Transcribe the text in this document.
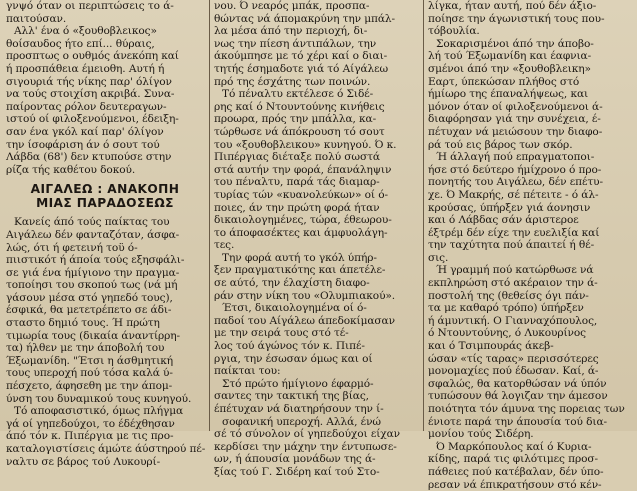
γνψό όταν οι περιπτώσεις το ά-
παιτούσαν.
Αλλ' ένα ό «ξουθοβλεικος»
θοίσαυδος ήτο επί... θύραις,
προσπτως ο ουθμός άνεκόπη καί
ή προσπάθεια έμειοθη. Αυτή ή
σιγουριά τής νίκης παρ' όλίγον
να τούς στοιχίση ακριβά. Συνα-
παίροντας ρόλον δευτεραγων-
ιστού οί φιλοξενούμενοι, έδειξη-
σαν ένα γκόλ καί παρ' όλίγον
την ίσοφάριση άν ό σουτ τού
Λάβδα (68') δεν κτυπούσε στην
ρίζα τής καθέτου δοκού.
ΑΙΓΑΛΕΩ : ΑΝΑΚΟΠΗ
ΜΙΑΣ ΠΑΡΑΔΟΣΕΩΣ
Κανείς άπό τούς παίκτας του
Αιγάλεω δέν φανταζόταν, άσφα-
λώς, ότι ή φετεινή τοϋ ό-
πιιστικότ ή άποία τούς εξησφάλι-
σε γιά ένα ήμίγιονο την πραγμα-
τοποίησι του σκοπού τως (νά μή
γάσουν μέσα στό γηπεδό τους),
έσφικά, θα μετετρέπετο σε άδι-
σταστο δημιό τους. Ή πρώτη
τιμωρία τους (δικαία άναντίρρη-
τα) ήλθεν με την άποβολή του
Έξωμανίδη. "Έτσι η άσθμητική
τους υπεροχή πού τόσα καλά ύ-
πέσχετο, άφησεθη με την άπομ-
ύνση του δυναμικού τους κυνηγού.
Τό αποφασιστικό, όμως πλήγμα
γά οί γηπεδούχοι, το έδέχθησαν
άπό τόν κ. Πιπέργια με τις προ-
καταλογιστίσεις άμώτε άύστηρού πέ-
ναλτυ σε βάρος τού Λυκουρί-
νου. Ό νεαρός μπάκ, προσπα-
θώντας νά άπομακρύνη την μπάλ-
λα μέσα άπό την περιοχή, δι-
νως την πίεση άντιπάλων, την
άκούμπησε με τό χέρι καί ο διαι-
τητής έσημαδοτε γιά τό Αίγάλεω
πρό της έσχάτης των ποινών.
Τό πέναλτυ εκτέλεσε ό Σιδέ-
ρης καί ό Ντουντούνης κινήθεις
προωρα, πρός την μπάλλα, κα-
τώρθωσε νά άπόκρουση τό σουτ
του «ξουθοβλεικου» κυνηγού. Ό κ.
Πιπέργιας διέταξε πολύ σωστά
στά αυτήν την φορά, έπανάληψιν
του πέναλτυ, παρά τάς διαμαρ-
τυρίας τών «κυανολεύκων» οί ό-
ποιες, άν την πρώτη φορά ήταν
δικαιολογημένες, τώρα, έθεωρου-
το άποφασέκτες και άμφυολάγη-
τες.
Την φορά αυτή το γκόλ ύπήρ-
ξεν πραγματικότης και άπετέλε-
σε αύτό, την έλαχίστη διαφο-
ράν στην νίκη του «Ολυμπιακού».
Έτσι, δικαιολογημένα οί ό-
παδοί του Αίγάλεω άπεδοκίμασαν
με την σειρά τους στό τέ-
λος τού άγώνος τόν κ. Πιπέ-
ργια, την έσωσαν όμως και οί
παίκται του:
Στό πρώτο ήμίγιονο έφαρμό-
σαντες την τακτική της βίας,
έπέτυχαν νά διατηρήσουν την ί-
σοφανική υπεροχή. Αλλά, ένώ
σέ τό σύνολον οί γηπεδούχοι είχαν
κερδίσει την μάχην την έντυπωσε-
ων, ή άπουσία μονάδων της ά-
ξίας τού Γ. Σιδέρη καί τού Στο-
λίγκα, ήταν αυτή, πού δέν άξιο-
ποίησε την άγωνιστική τους που-
τόβουλία.
Σοκαρισμένοι άπό την άποβο-
λή τού Έξωμανίδη και έαφνια-
σμένοι άπό την «ξουθοβλεικη»
Εαρτ, ύπεκώσαν πλήθος στό
ήμίωρο της έπαναλήψεως, και
μόνον όταν οί φιλοξενούμενοι ά-
διαφόρησαν γιά την συνέχεια, έ-
πέτυχαν νά μειώσουν την διαφο-
ρά τού εις βάρος των σκόρ.
Ή άλλαγή πού επραγματοποι-
ήσε στό δεύτερο ήμίχρονο ό προ-
πονητής του Αιγάλεω, δέν επέτυ-
χε. Ό Μακρής, σέ πέτειτε - ό άλ-
κρούσας, ύπήρξεν γιά άονησιν
και ό Λάβδας σάν άριστεροε
έξτρέμ δέν είχε την ευελιξία καί
την ταχύτητα πού άπαιτεί ή θέ-
σις.
Ή γραμμή πού κατώρθωσε νά
εκπληρώση στό ακέραιον την ά-
ποστολή της (θεθείσς όγι πάν-
τα με καθαρό τρόπο) ύπήρξεν
ή άμυντική. Ο Γιανναχόπουλος,
ό Ντουντούνης, ό Λυκουρίνος
και ό Τσιμπουράς άκεβ-
ώσαν «τίς ταρας» περισσότερες
μονομαχίες πού έδωσαν. Καί, ά-
σφαλώς, θα κατορθώσαν νά ύπόν
τυπώσουν θά λογιζαν την άμεσον
ποιότητα τόν άμυνα της πορειας των
ένιοτε παρά την άπουσία τού δια-
μονίου τούς Σιδέρη.
Ό Μαρκόπουλος καί ό Κυρια-
κίδης, παρά τις φιλότιμες προσ-
πάθειες πού κατέβαλαν, δέν ύπο-
ρεσαν νά έπικρατήσουν στό κέν-
